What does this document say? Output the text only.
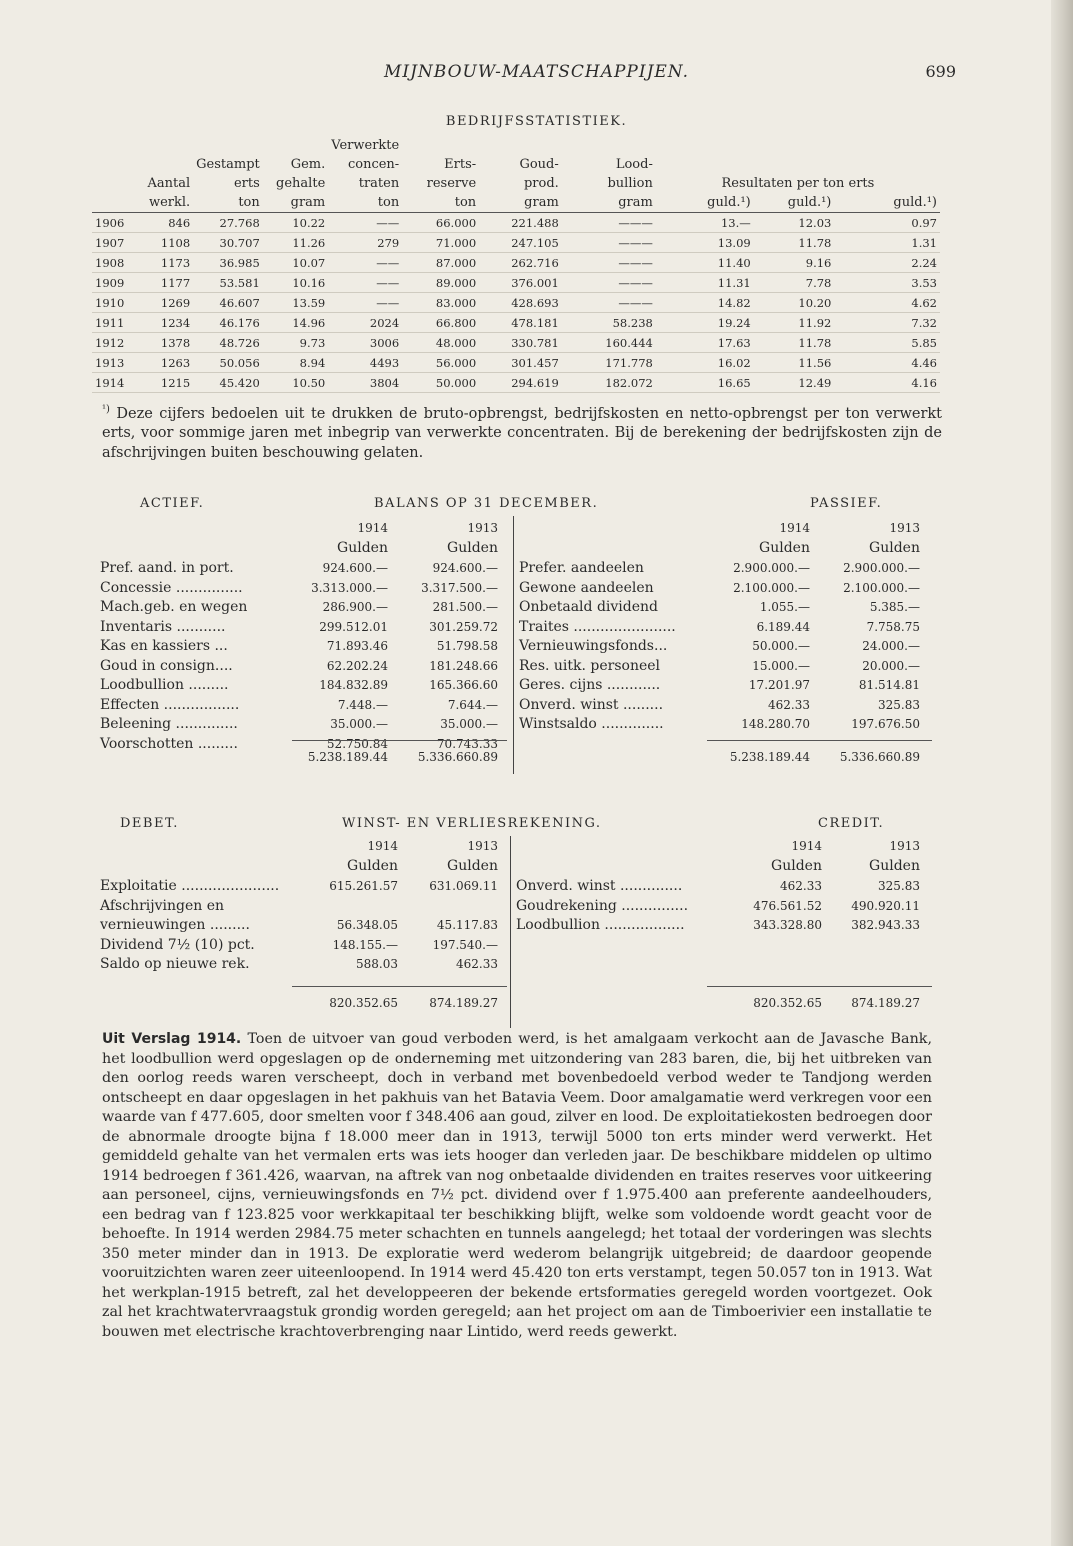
MIJNBOUW-MAATSCHAPPIJEN.	699
BEDRIJFSSTATISTIEK.
				Verwerkte						
		Gestampt	Gem.	concen-	Erts-	Goud-	Lood-			
	Aantal	erts	gehalte	traten	reserve	prod.	bullion	Resultaten per ton erts		
	werkl.	ton	gram	ton	ton	gram	gram	guld.¹)	guld.¹)	guld.¹)
1906	846	27.768	10.22	——	66.000	221.488	———	13.—	12.03	0.97
1907	1108	30.707	11.26	279	71.000	247.105	———	13.09	11.78	1.31
1908	1173	36.985	10.07	——	87.000	262.716	———	11.40	9.16	2.24
1909	1177	53.581	10.16	——	89.000	376.001	———	11.31	7.78	3.53
1910	1269	46.607	13.59	——	83.000	428.693	———	14.82	10.20	4.62
1911	1234	46.176	14.96	2024	66.800	478.181	58.238	19.24	11.92	7.32
1912	1378	48.726	9.73	3006	48.000	330.781	160.444	17.63	11.78	5.85
1913	1263	50.056	8.94	4493	56.000	301.457	171.778	16.02	11.56	4.46
1914	1215	45.420	10.50	3804	50.000	294.619	182.072	16.65	12.49	4.16

$^{^1)}$ Deze cijfers bedoelen uit te drukken de bruto-opbrengst, bedrijfskosten en netto-opbrengst per ton verwerkt erts, voor sommige jaren met inbegrip van verwerkte concentraten. Bij de berekening der bedrijfskosten zijn de afschrijvingen buiten beschouwing gelaten.

ACTIEF.	BALANS OP 31 DECEMBER.	PASSIEF.
1914	1913	1914	1913
Gulden	Gulden	Gulden	Gulden
Pref. aand. in port.	924.600.—	924.600.—
Concessie ...............	3.313.000.—	3.317.500.—
Mach.geb. en wegen	286.900.—	281.500.—
Inventaris ...........	299.512.01	301.259.72
Kas en kassiers ...	71.893.46	51.798.58
Goud in consign....	62.202.24	181.248.66
Loodbullion .........	184.832.89	165.366.60
Effecten .................	7.448.—	7.644.—
Beleening ..............	35.000.—	35.000.—
Voorschotten .........	52.750.84	70.743.33
Prefer. aandeelen	2.900.000.—	2.900.000.—
Gewone aandeelen	2.100.000.—	2.100.000.—
Onbetaald dividend	1.055.—	5.385.—
Traites .......................	6.189.44	7.758.75
Vernieuwingsfonds...	50.000.—	24.000.—
Res. uitk. personeel	15.000.—	20.000.—
Geres. cijns ............	17.201.97	81.514.81
Onverd. winst .........	462.33	325.83
Winstsaldo ..............	148.280.70	197.676.50
5.238.189.44 5.336.660.89	5.238.189.44 5.336.660.89
DEBET.	WINST- EN VERLIESREKENING.	CREDIT.
1914	1913	1914	1913
Gulden	Gulden	Gulden	Gulden
Exploitatie ......................	615.261.57	631.069.11
Afschrijvingen en
vernieuwingen .........	56.348.05	45.117.83
Dividend 7½ (10) pct.	148.155.—	197.540.—
Saldo op nieuwe rek.	588.03	462.33
Onverd. winst ..............	462.33	325.83
Goudrekening ...............	476.561.52 490.920.11
Loodbullion ..................	343.328.80 382.943.33
820.352.65	874.189.27	820.352.65 874.189.27

Uit Verslag 1914. Toen de uitvoer van goud verboden werd, is het amalgaam verkocht aan de Javasche Bank, het loodbullion werd opgeslagen op de onderneming met uitzondering van 283 baren, die, bij het uitbreken van den oorlog reeds waren verscheept, doch in verband met bovenbedoeld verbod weder te Tandjong werden ontscheept en daar opgeslagen in het pakhuis van het Batavia Veem. Door amalgamatie werd verkregen voor een waarde van f 477.605, door smelten voor f 348.406 aan goud, zilver en lood. De exploitatiekosten bedroegen door de abnormale droogte bijna f 18.000 meer dan in 1913, terwijl 5000 ton erts minder werd verwerkt. Het gemiddeld gehalte van het vermalen erts was iets hooger dan verleden jaar. De beschikbare middelen op ultimo 1914 bedroegen f 361.426, waarvan, na aftrek van nog onbetaalde dividenden en traites reserves voor uitkeering aan personeel, cijns, vernieuwingsfonds en 7½ pct. dividend over f 1.975.400 aan preferente aandeelhouders, een bedrag van f 123.825 voor werkkapitaal ter beschikking blijft, welke som voldoende wordt geacht voor de behoefte. In 1914 werden 2984.75 meter schachten en tunnels aangelegd; het totaal der vorderingen was slechts 350 meter minder dan in 1913. De exploratie werd wederom belangrijk uitgebreid; de daardoor geopende vooruitzichten waren zeer uiteenloopend. In 1914 werd 45.420 ton erts verstampt, tegen 50.057 ton in 1913. Wat het werkplan-1915 betreft, zal het developpeeren der bekende ertsformaties geregeld worden voortgezet. Ook zal het krachtwatervraagstuk grondig worden geregeld; aan het project om aan de Timboerivier een installatie te bouwen met electrische krachtoverbrenging naar Lintido, werd reeds gewerkt.
